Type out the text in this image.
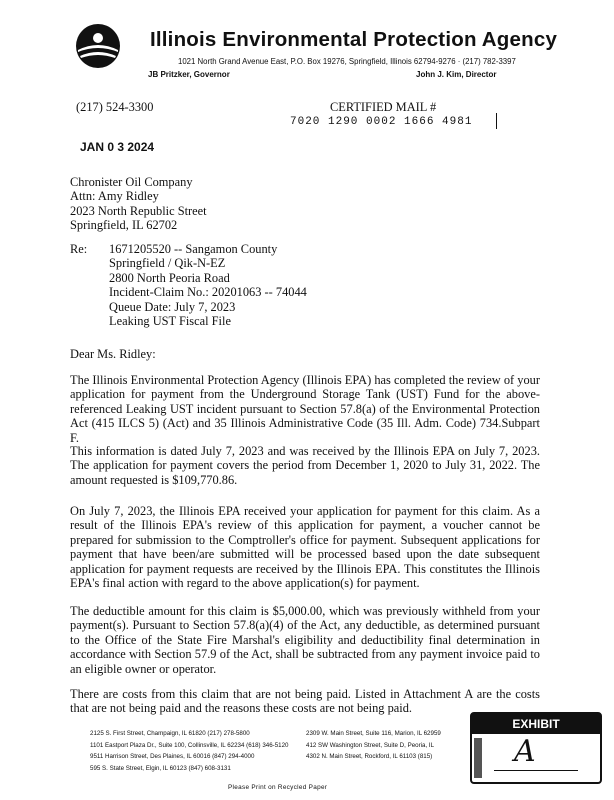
Illinois Environmental Protection Agency
1021 North Grand Avenue East, P.O. Box 19276, Springfield, Illinois 62794-9276 · (217) 782-3397
JB Pritzker, Governor	John J. Kim, Director
(217) 524-3300	CERTIFIED MAIL #
7020 1290 0002 1666 4981
JAN 0 3 2024
Chronister Oil Company
Attn: Amy Ridley
2023 North Republic Street
Springfield, IL 62702
Re: 1671205520 -- Sangamon County
Springfield / Qik-N-EZ
2800 North Peoria Road
Incident-Claim No.: 20201063 -- 74044
Queue Date: July 7, 2023
Leaking UST Fiscal File
Dear Ms. Ridley:
The Illinois Environmental Protection Agency (Illinois EPA) has completed the review of your application for payment from the Underground Storage Tank (UST) Fund for the above-referenced Leaking UST incident pursuant to Section 57.8(a) of the Environmental Protection Act (415 ILCS 5) (Act) and 35 Illinois Administrative Code (35 Ill. Adm. Code) 734.Subpart F.
This information is dated July 7, 2023 and was received by the Illinois EPA on July 7, 2023. The application for payment covers the period from December 1, 2020 to July 31, 2022. The amount requested is $109,770.86.
On July 7, 2023, the Illinois EPA received your application for payment for this claim. As a result of the Illinois EPA's review of this application for payment, a voucher cannot be prepared for submission to the Comptroller's office for payment. Subsequent applications for payment that have been/are submitted will be processed based upon the date subsequent application for payment requests are received by the Illinois EPA. This constitutes the Illinois EPA's final action with regard to the above application(s) for payment.
The deductible amount for this claim is $5,000.00, which was previously withheld from your payment(s). Pursuant to Section 57.8(a)(4) of the Act, any deductible, as determined pursuant to the Office of the State Fire Marshal's eligibility and deductibility final determination in accordance with Section 57.9 of the Act, shall be subtracted from any payment invoice paid to an eligible owner or operator.
There are costs from this claim that are not being paid. Listed in Attachment A are the costs that are not being paid and the reasons these costs are not being paid.
2125 S. First Street, Champaign, IL 61820 (217) 278-5800
1101 Eastport Plaza Dr., Suite 100, Collinsville, IL 62234 (618) 346-5120
9511 Harrison Street, Des Plaines, IL 60016 (847) 294-4000
595 S. State Street, Elgin, IL 60123 (847) 608-3131
2309 W. Main Street, Suite 116, Marion, IL 62959
412 SW Washington Street, Suite D, Peoria, IL
4302 N. Main Street, Rockford, IL 61103 (815)
Please Print on Recycled Paper
EXHIBIT
A
